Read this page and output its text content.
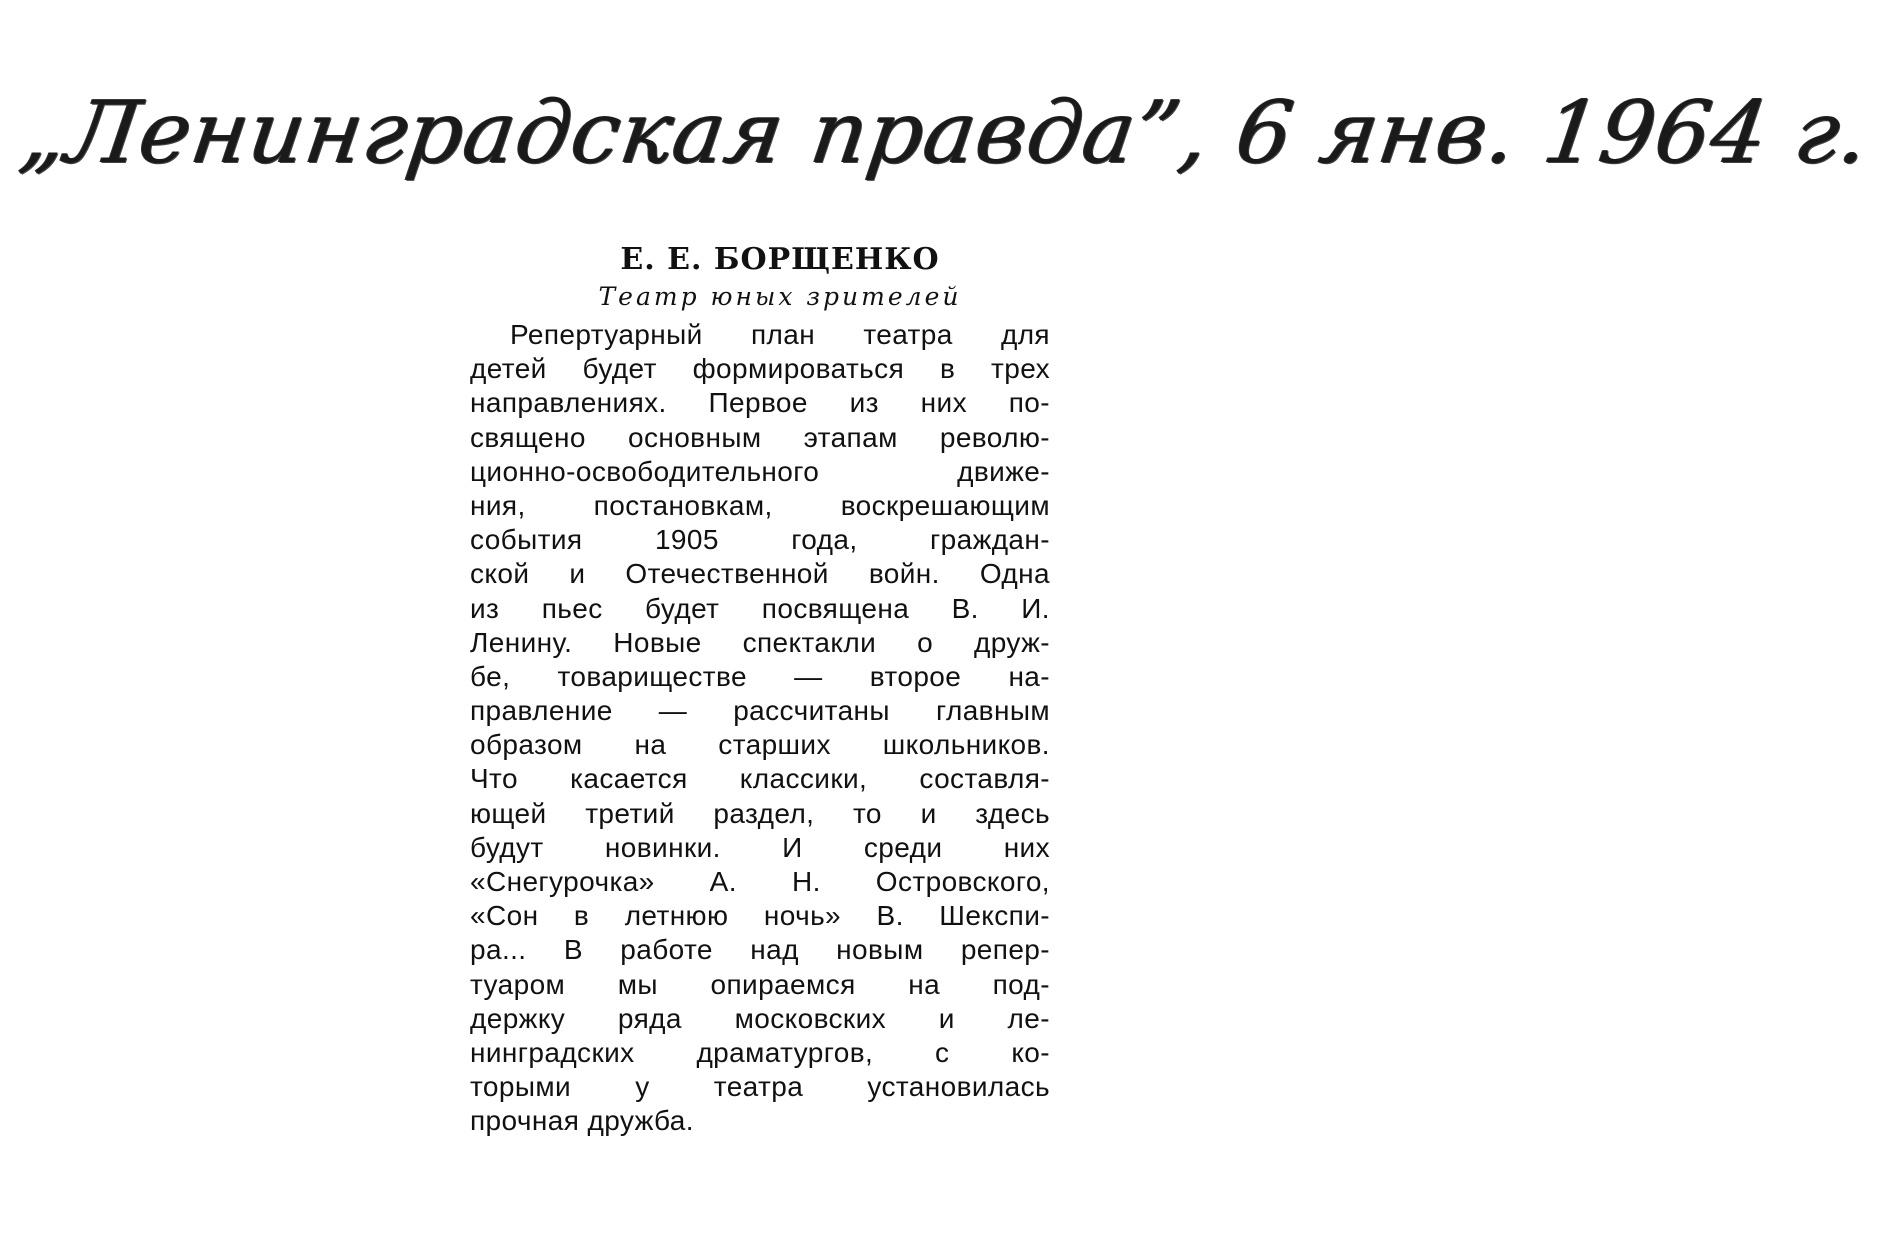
„Ленинградская правда”, 6 янв. 1964 г.

Е. Е. БОРЩЕНКО

Театр юных зрителей

Репертуарный план театра для
детей будет формироваться в трех
направлениях. Первое из них по-
священо основным этапам револю-
ционно-освободительного движе-
ния, постановкам, воскрешающим
события 1905 года, граждан-
ской и Отечественной войн. Одна
из пьес будет посвящена В. И.
Ленину. Новые спектакли о друж-
бе, товариществе — второе на-
правление — рассчитаны главным
образом на старших школьников.
Что касается классики, составля-
ющей третий раздел, то и здесь
будут новинки. И среди них
«Снегурочка» А. Н. Островского,
«Сон в летнюю ночь» В. Шекспи-
ра... В работе над новым репер-
туаром мы опираемся на под-
держку ряда московских и ле-
нинградских драматургов, с ко-
торыми у театра установилась
прочная дружба.
